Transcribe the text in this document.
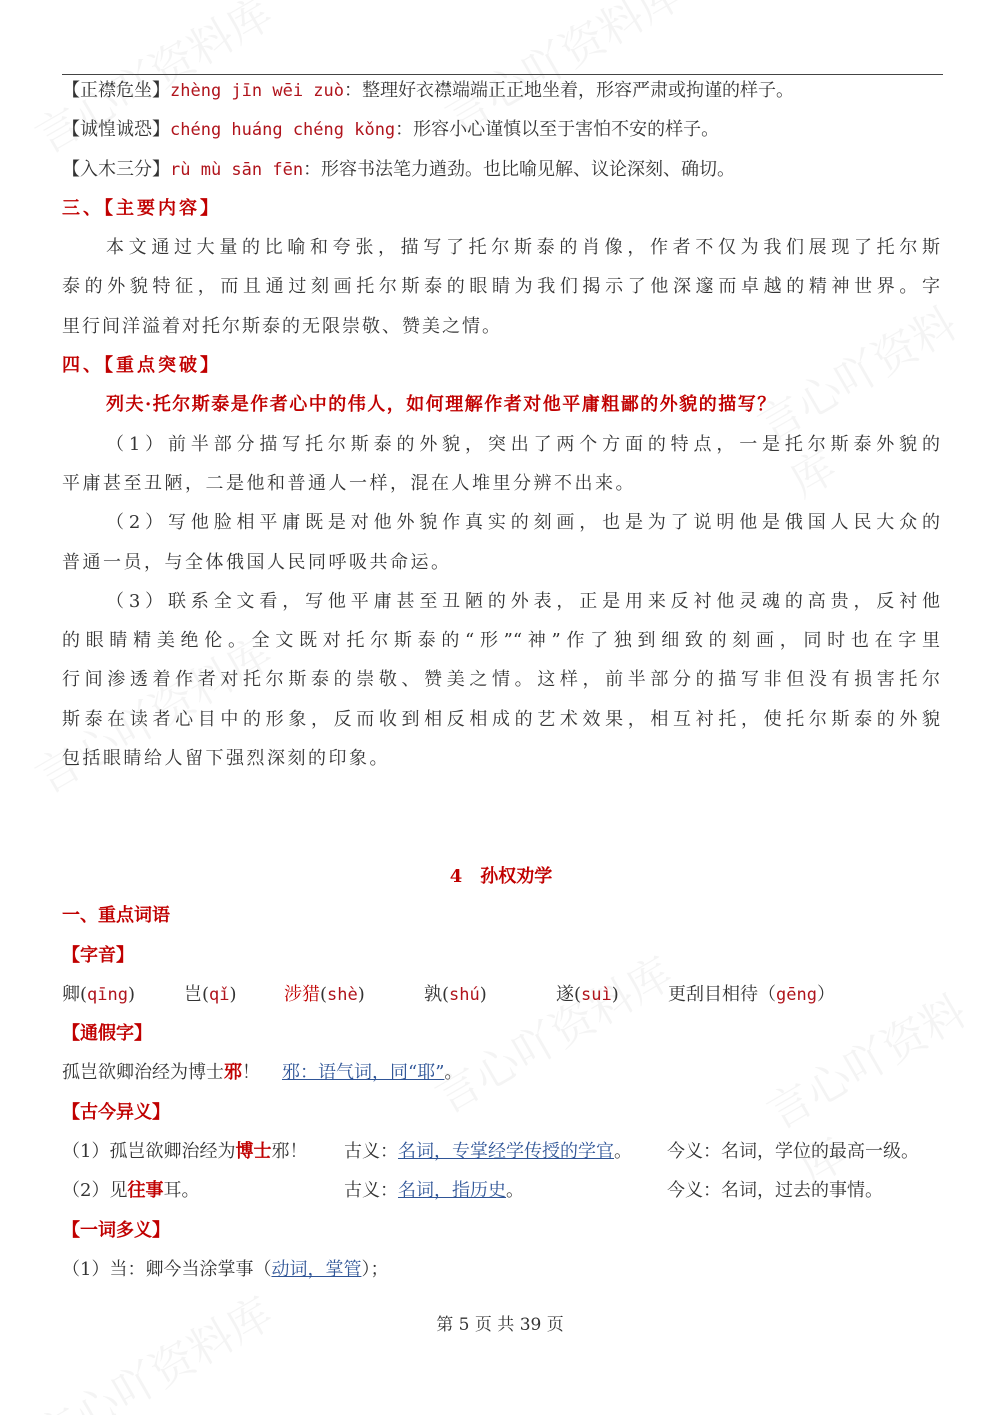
【正襟危坐】zhèng jīn wēi zuò：整理好衣襟端端正正地坐着，形容严肃或拘谨的样子。
【诚惶诚恐】chéng huáng chéng kǒng：形容小心谨慎以至于害怕不安的样子。
【入木三分】rù mù sān fēn：形容书法笔力遒劲。也比喻见解、议论深刻、确切。
三、【主要内容】
本文通过大量的比喻和夸张，描写了托尔斯泰的肖像，作者不仅为我们展现了托尔斯
泰的外貌特征，而且通过刻画托尔斯泰的眼睛为我们揭示了他深邃而卓越的精神世界。字
里行间洋溢着对托尔斯泰的无限崇敬、赞美之情。
四、【重点突破】
列夫·托尔斯泰是作者心中的伟人，如何理解作者对他平庸粗鄙的外貌的描写？
（1）前半部分描写托尔斯泰的外貌，突出了两个方面的特点，一是托尔斯泰外貌的
平庸甚至丑陋，二是他和普通人一样，混在人堆里分辨不出来。
（2）写他脸相平庸既是对他外貌作真实的刻画，也是为了说明他是俄国人民大众的
普通一员，与全体俄国人民同呼吸共命运。
（3）联系全文看，写他平庸甚至丑陋的外表，正是用来反衬他灵魂的高贵，反衬他
的眼睛精美绝伦。全文既对托尔斯泰的“形”“神”作了独到细致的刻画，同时也在字里
行间渗透着作者对托尔斯泰的崇敬、赞美之情。这样，前半部分的描写非但没有损害托尔
斯泰在读者心目中的形象，反而收到相反相成的艺术效果，相互衬托，使托尔斯泰的外貌
包括眼睛给人留下强烈深刻的印象。
4　孙权劝学
一、重点词语
【字音】
卿(qīng)	岂(qǐ)	涉猎(shè)	孰(shú)	遂(suì)	更刮目相待（gēng）
【通假字】
孤岂欲卿治经为博士邪！ 邪：语气词，同“耶”。
【古今异义】
（1）孤岂欲卿治经为博士邪！ 古义：名词，专掌经学传授的学官。 今义：名词，学位的最高一级。
（2）见往事耳。	古义：名词，指历史。	今义：名词，过去的事情。
【一词多义】
（1）当：卿今当涂掌事（动词，掌管）；
第 5 页 共 39 页
